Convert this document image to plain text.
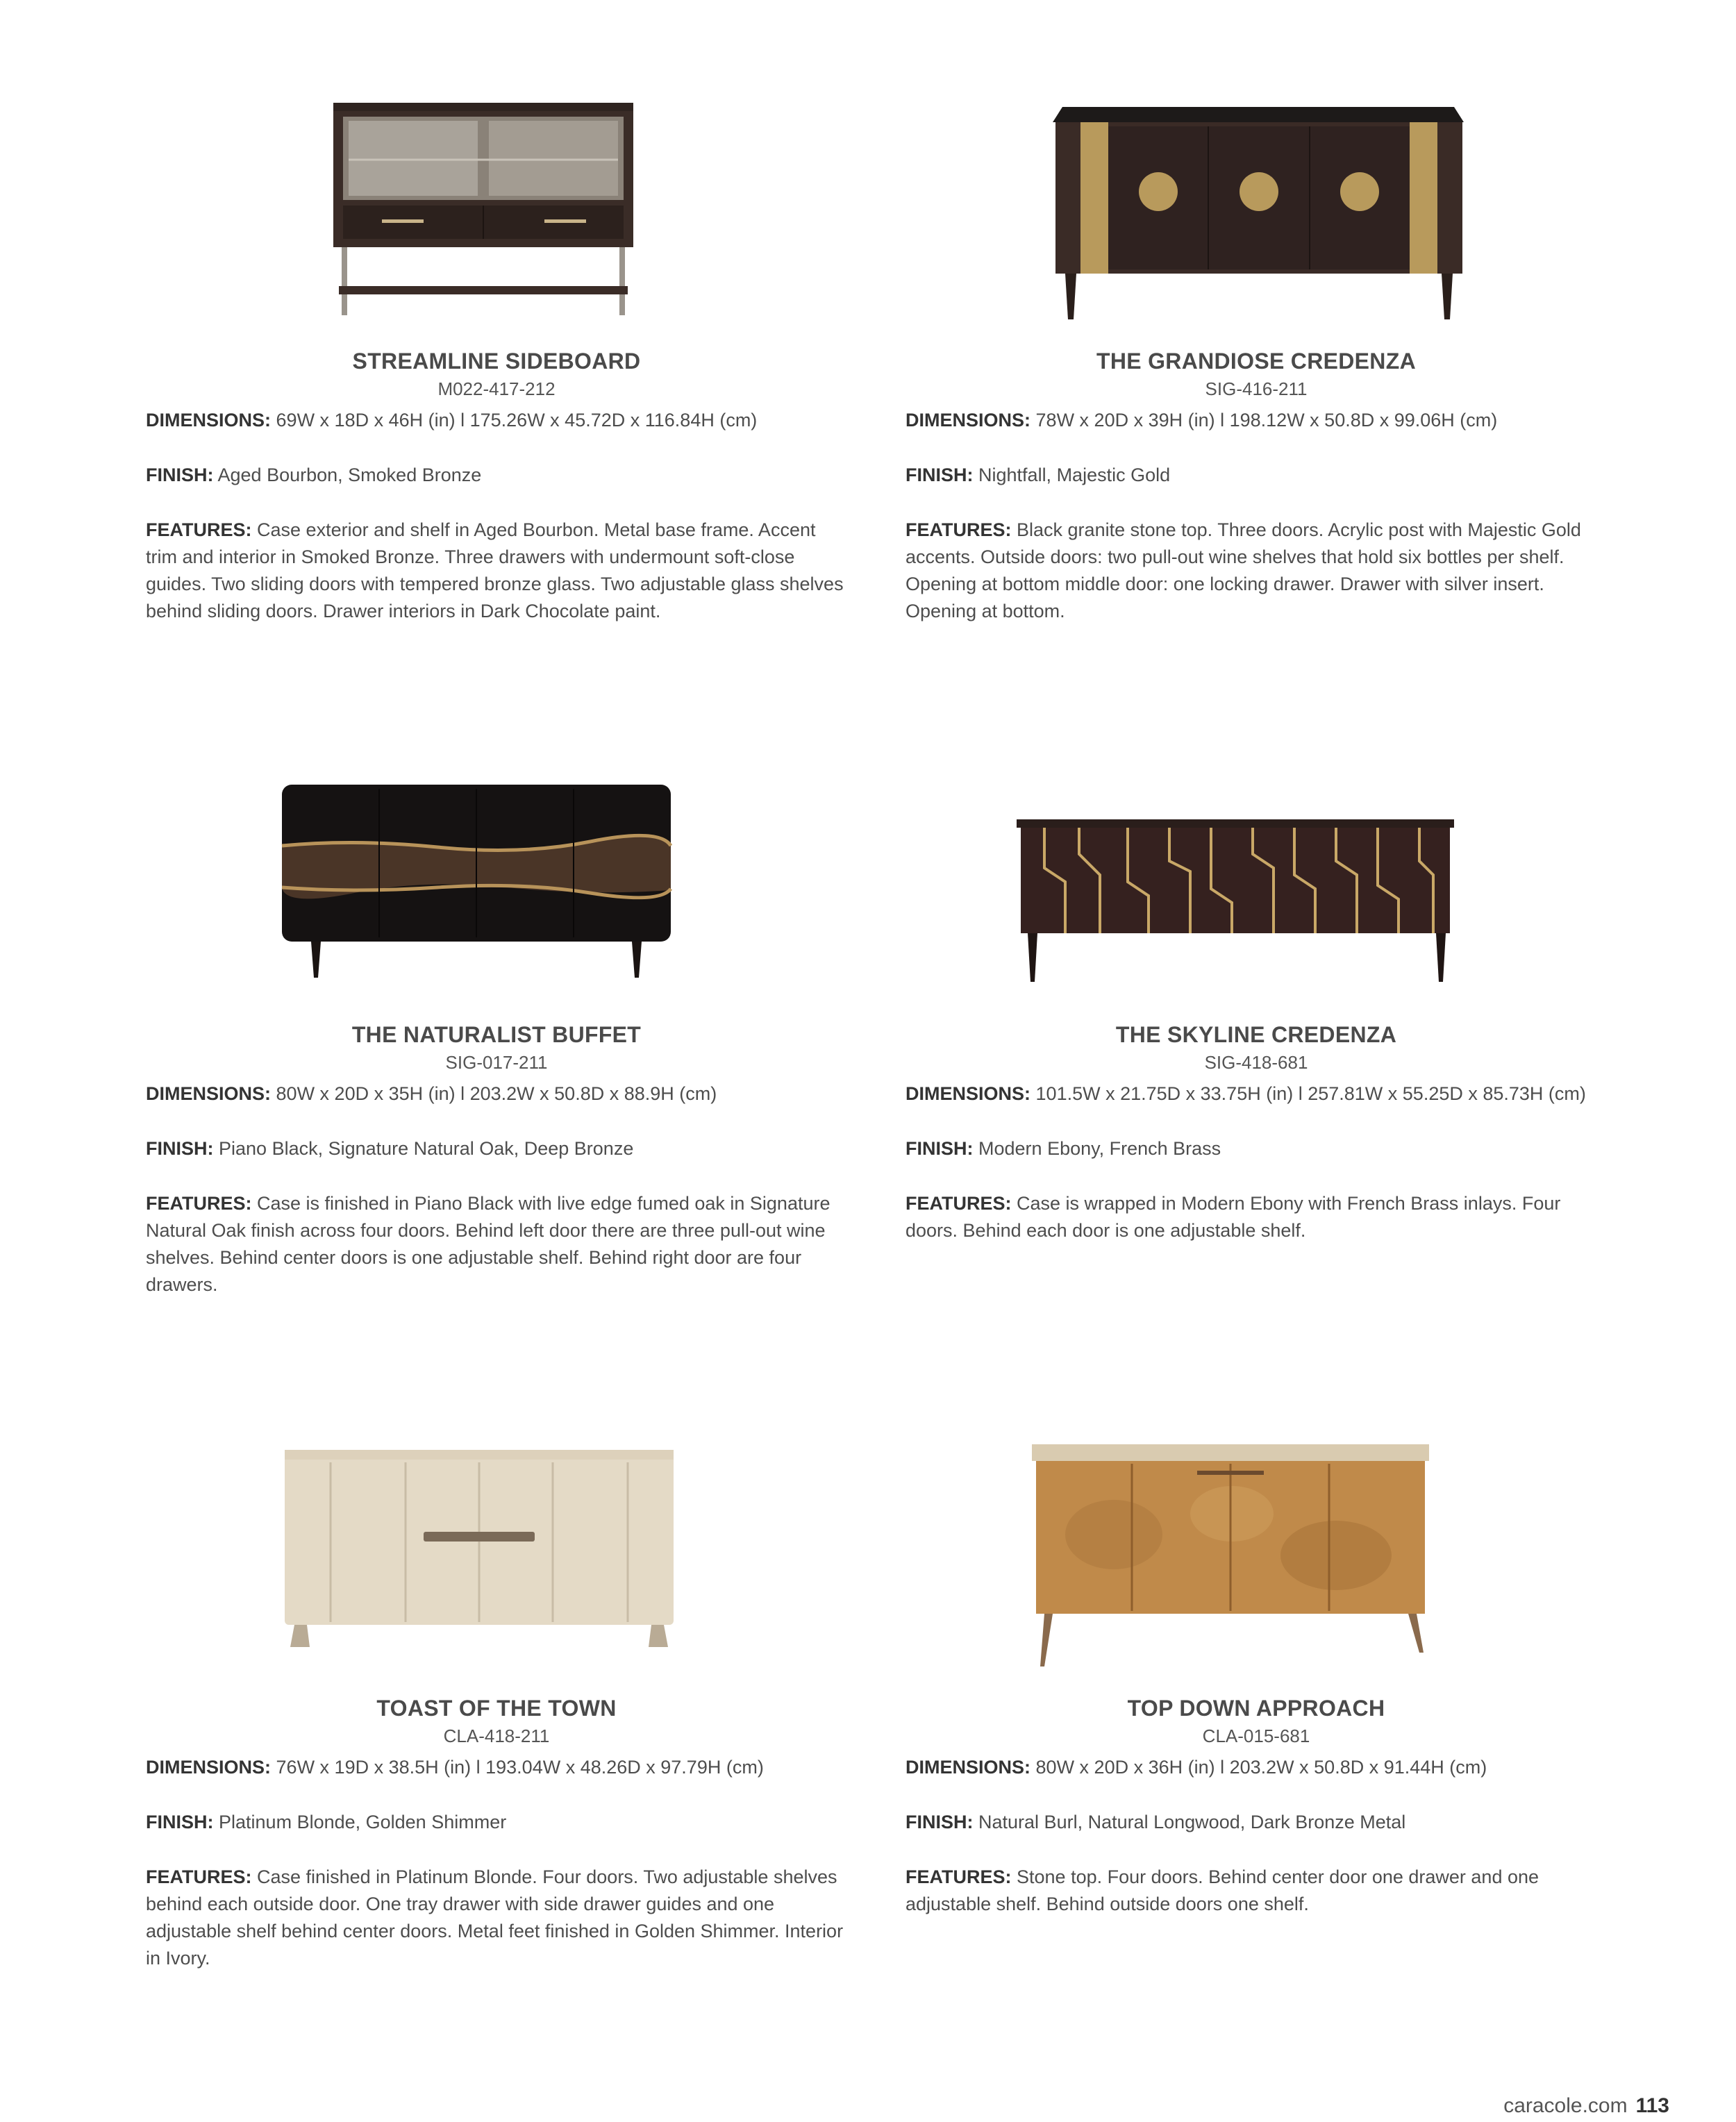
STREAMLINE SIDEBOARD
M022-417-212
DIMENSIONS: 69W x 18D x 46H (in) l 175.26W x 45.72D x 116.84H (cm)
FINISH: Aged Bourbon, Smoked Bronze
FEATURES: Case exterior and shelf in Aged Bourbon. Metal base frame. Accent trim and interior in Smoked Bronze. Three drawers with undermount soft-close guides. Two sliding doors with tempered bronze glass. Two adjustable glass shelves behind sliding doors. Drawer interiors in Dark Chocolate paint.
THE GRANDIOSE CREDENZA
SIG-416-211
DIMENSIONS: 78W x 20D x 39H (in) l 198.12W x 50.8D x 99.06H (cm)
FINISH: Nightfall, Majestic Gold
FEATURES: Black granite stone top. Three doors. Acrylic post with Majestic Gold accents. Outside doors: two pull-out wine shelves that hold six bottles per shelf. Opening at bottom middle door: one locking drawer. Drawer with silver insert. Opening at bottom.
THE NATURALIST BUFFET
SIG-017-211
DIMENSIONS: 80W x 20D x 35H (in) l 203.2W x 50.8D x 88.9H (cm)
FINISH: Piano Black, Signature Natural Oak, Deep Bronze
FEATURES: Case is finished in Piano Black with live edge fumed oak in Signature Natural Oak finish across four doors. Behind left door there are three pull-out wine shelves. Behind center doors is one adjustable shelf. Behind right door are four drawers.
THE SKYLINE CREDENZA
SIG-418-681
DIMENSIONS: 101.5W x 21.75D x 33.75H (in) l 257.81W x 55.25D x 85.73H (cm)
FINISH: Modern Ebony, French Brass
FEATURES: Case is wrapped in Modern Ebony with French Brass inlays. Four doors. Behind each door is one adjustable shelf.
TOAST OF THE TOWN
CLA-418-211
DIMENSIONS: 76W x 19D x 38.5H (in) l 193.04W x 48.26D x 97.79H (cm)
FINISH: Platinum Blonde, Golden Shimmer
FEATURES: Case finished in Platinum Blonde. Four doors. Two adjustable shelves behind each outside door. One tray drawer with side drawer guides and one adjustable shelf behind center doors. Metal feet finished in Golden Shimmer. Interior in Ivory.
TOP DOWN APPROACH
CLA-015-681
DIMENSIONS: 80W x 20D x 36H (in) l 203.2W x 50.8D x 91.44H (cm)
FINISH: Natural Burl, Natural Longwood, Dark Bronze Metal
FEATURES: Stone top. Four doors. Behind center door one drawer and one adjustable shelf. Behind outside doors one shelf.
caracole.com 113
